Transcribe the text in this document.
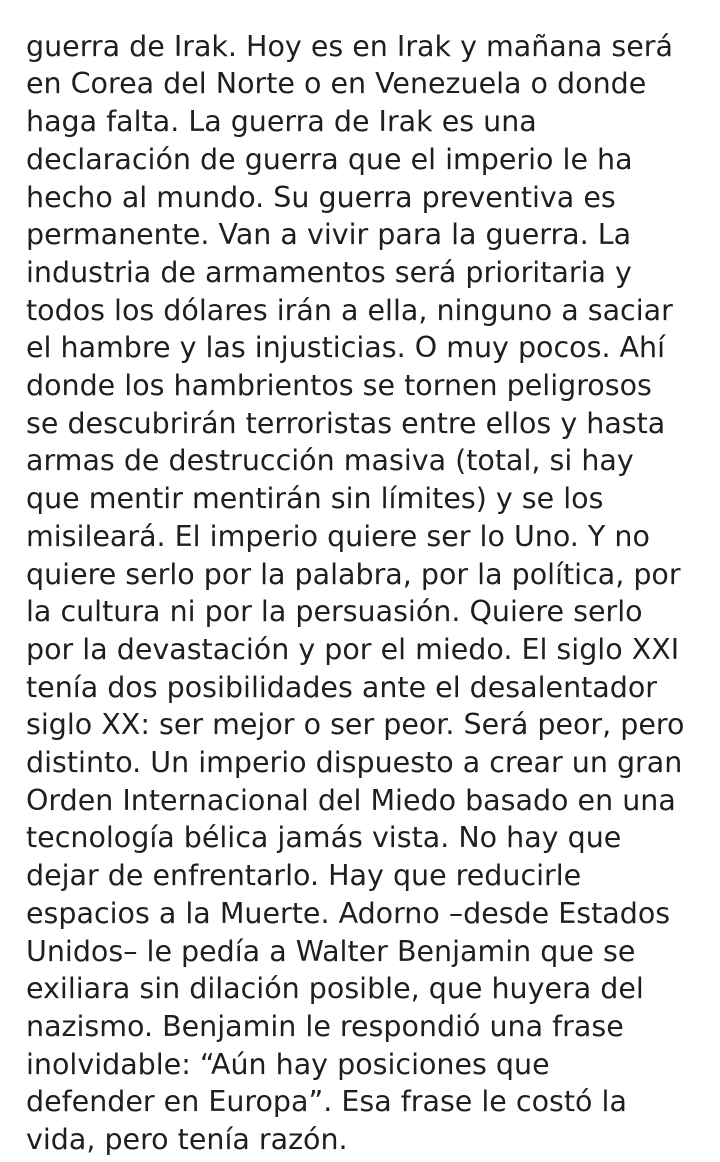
guerra de Irak. Hoy es en Irak y mañana será
en Corea del Norte o en Venezuela o donde
haga falta. La guerra de Irak es una
declaración de guerra que el imperio le ha
hecho al mundo. Su guerra preventiva es
permanente. Van a vivir para la guerra. La
industria de armamentos será prioritaria y
todos los dólares irán a ella, ninguno a saciar
el hambre y las injusticias. O muy pocos. Ahí
donde los hambrientos se tornen peligrosos
se descubrirán terroristas entre ellos y hasta
armas de destrucción masiva (total, si hay
que mentir mentirán sin límites) y se los
misileará. El imperio quiere ser lo Uno. Y no
quiere serlo por la palabra, por la política, por
la cultura ni por la persuasión. Quiere serlo
por la devastación y por el miedo. El siglo XXI
tenía dos posibilidades ante el desalentador
siglo XX: ser mejor o ser peor. Será peor, pero
distinto. Un imperio dispuesto a crear un gran
Orden Internacional del Miedo basado en una
tecnología bélica jamás vista. No hay que
dejar de enfrentarlo. Hay que reducirle
espacios a la Muerte. Adorno –desde Estados
Unidos– le pedía a Walter Benjamin que se
exiliara sin dilación posible, que huyera del
nazismo. Benjamin le respondió una frase
inolvidable: “Aún hay posiciones que
defender en Europa”. Esa frase le costó la
vida, pero tenía razón.
